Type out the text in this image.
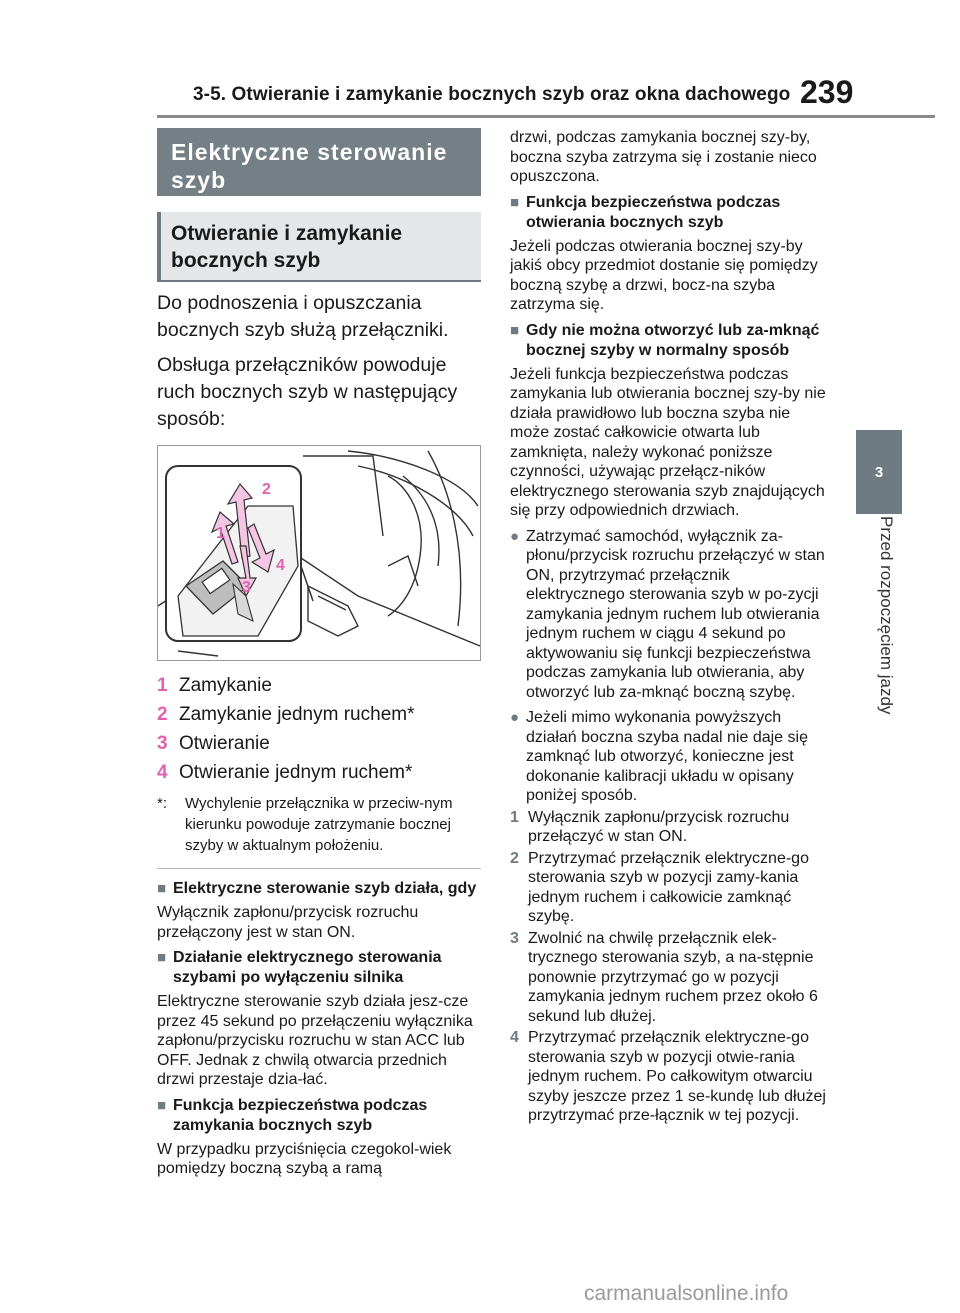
3-5. Otwieranie i zamykanie bocznych szyb oraz okna dachowego 239
3
Przed rozpoczęciem jazdy
Elektryczne sterowanie szyb
Otwieranie i zamykanie bocznych szyb

Do podnoszenia i opuszczania bocznych szyb służą przełączniki.

Obsługa przełączników powoduje ruch bocznych szyb w następujący sposób:

1
2
3
4
1 Zamykanie
2 Zamykanie jednym ruchem*
3 Otwieranie
4 Otwieranie jednym ruchem*
*:	Wychylenie przełącznika w przeciw-nym kierunku powoduje zatrzymanie bocznej szyby w aktualnym położeniu.
■ Elektryczne sterowanie szyb działa, gdy

Wyłącznik zapłonu/przycisk rozruchu przełączony jest w stan ON.

■ Działanie elektrycznego sterowania szybami po wyłączeniu silnika

Elektryczne sterowanie szyb działa jesz-cze przez 45 sekund po przełączeniu wyłącznika zapłonu/przycisku rozruchu w stan ACC lub OFF. Jednak z chwilą otwarcia przednich drzwi przestaje dzia-łać.

■ Funkcja bezpieczeństwa podczas zamykania bocznych szyb

W przypadku przyciśnięcia czegokol-wiek pomiędzy boczną szybą a ramą

drzwi, podczas zamykania bocznej szy-by, boczna szyba zatrzyma się i zostanie nieco opuszczona.

■ Funkcja bezpieczeństwa podczas otwierania bocznych szyb

Jeżeli podczas otwierania bocznej szy-by jakiś obcy przedmiot dostanie się pomiędzy boczną szybę a drzwi, bocz-na szyba zatrzyma się.

■ Gdy nie można otworzyć lub za-mknąć bocznej szyby w normalny sposób

Jeżeli funkcja bezpieczeństwa podczas zamykania lub otwierania bocznej szy-by nie działa prawidłowo lub boczna szyba nie może zostać całkowicie otwarta lub zamknięta, należy wykonać poniższe czynności, używając przełącz-ników elektrycznego sterowania szyb znajdujących się przy odpowiednich drzwiach.

● Zatrzymać samochód, wyłącznik za-płonu/przycisk rozruchu przełączyć w stan ON, przytrzymać przełącznik elektrycznego sterowania szyb w po-zycji zamykania jednym ruchem lub otwierania jednym ruchem w ciągu 4 sekund po aktywowaniu się funkcji bezpieczeństwa podczas zamykania lub otwierania, aby otworzyć lub za-mknąć boczną szybę.
● Jeżeli mimo wykonania powyższych działań boczna szyba nadal nie daje się zamknąć lub otworzyć, konieczne jest dokonanie kalibracji układu w opisany poniżej sposób.
1 Wyłącznik zapłonu/przycisk rozruchu przełączyć w stan ON.
2 Przytrzymać przełącznik elektryczne-go sterowania szyb w pozycji zamy-kania jednym ruchem i całkowicie zamknąć szybę.
3 Zwolnić na chwilę przełącznik elek-trycznego sterowania szyb, a na-stępnie ponownie przytrzymać go w pozycji zamykania jednym ruchem przez około 6 sekund lub dłużej.
4 Przytrzymać przełącznik elektryczne-go sterowania szyb w pozycji otwie-rania jednym ruchem. Po całkowitym otwarciu szyby jeszcze przez 1 se-kundę lub dłużej przytrzymać prze-łącznik w tej pozycji.
carmanualsonline.info
